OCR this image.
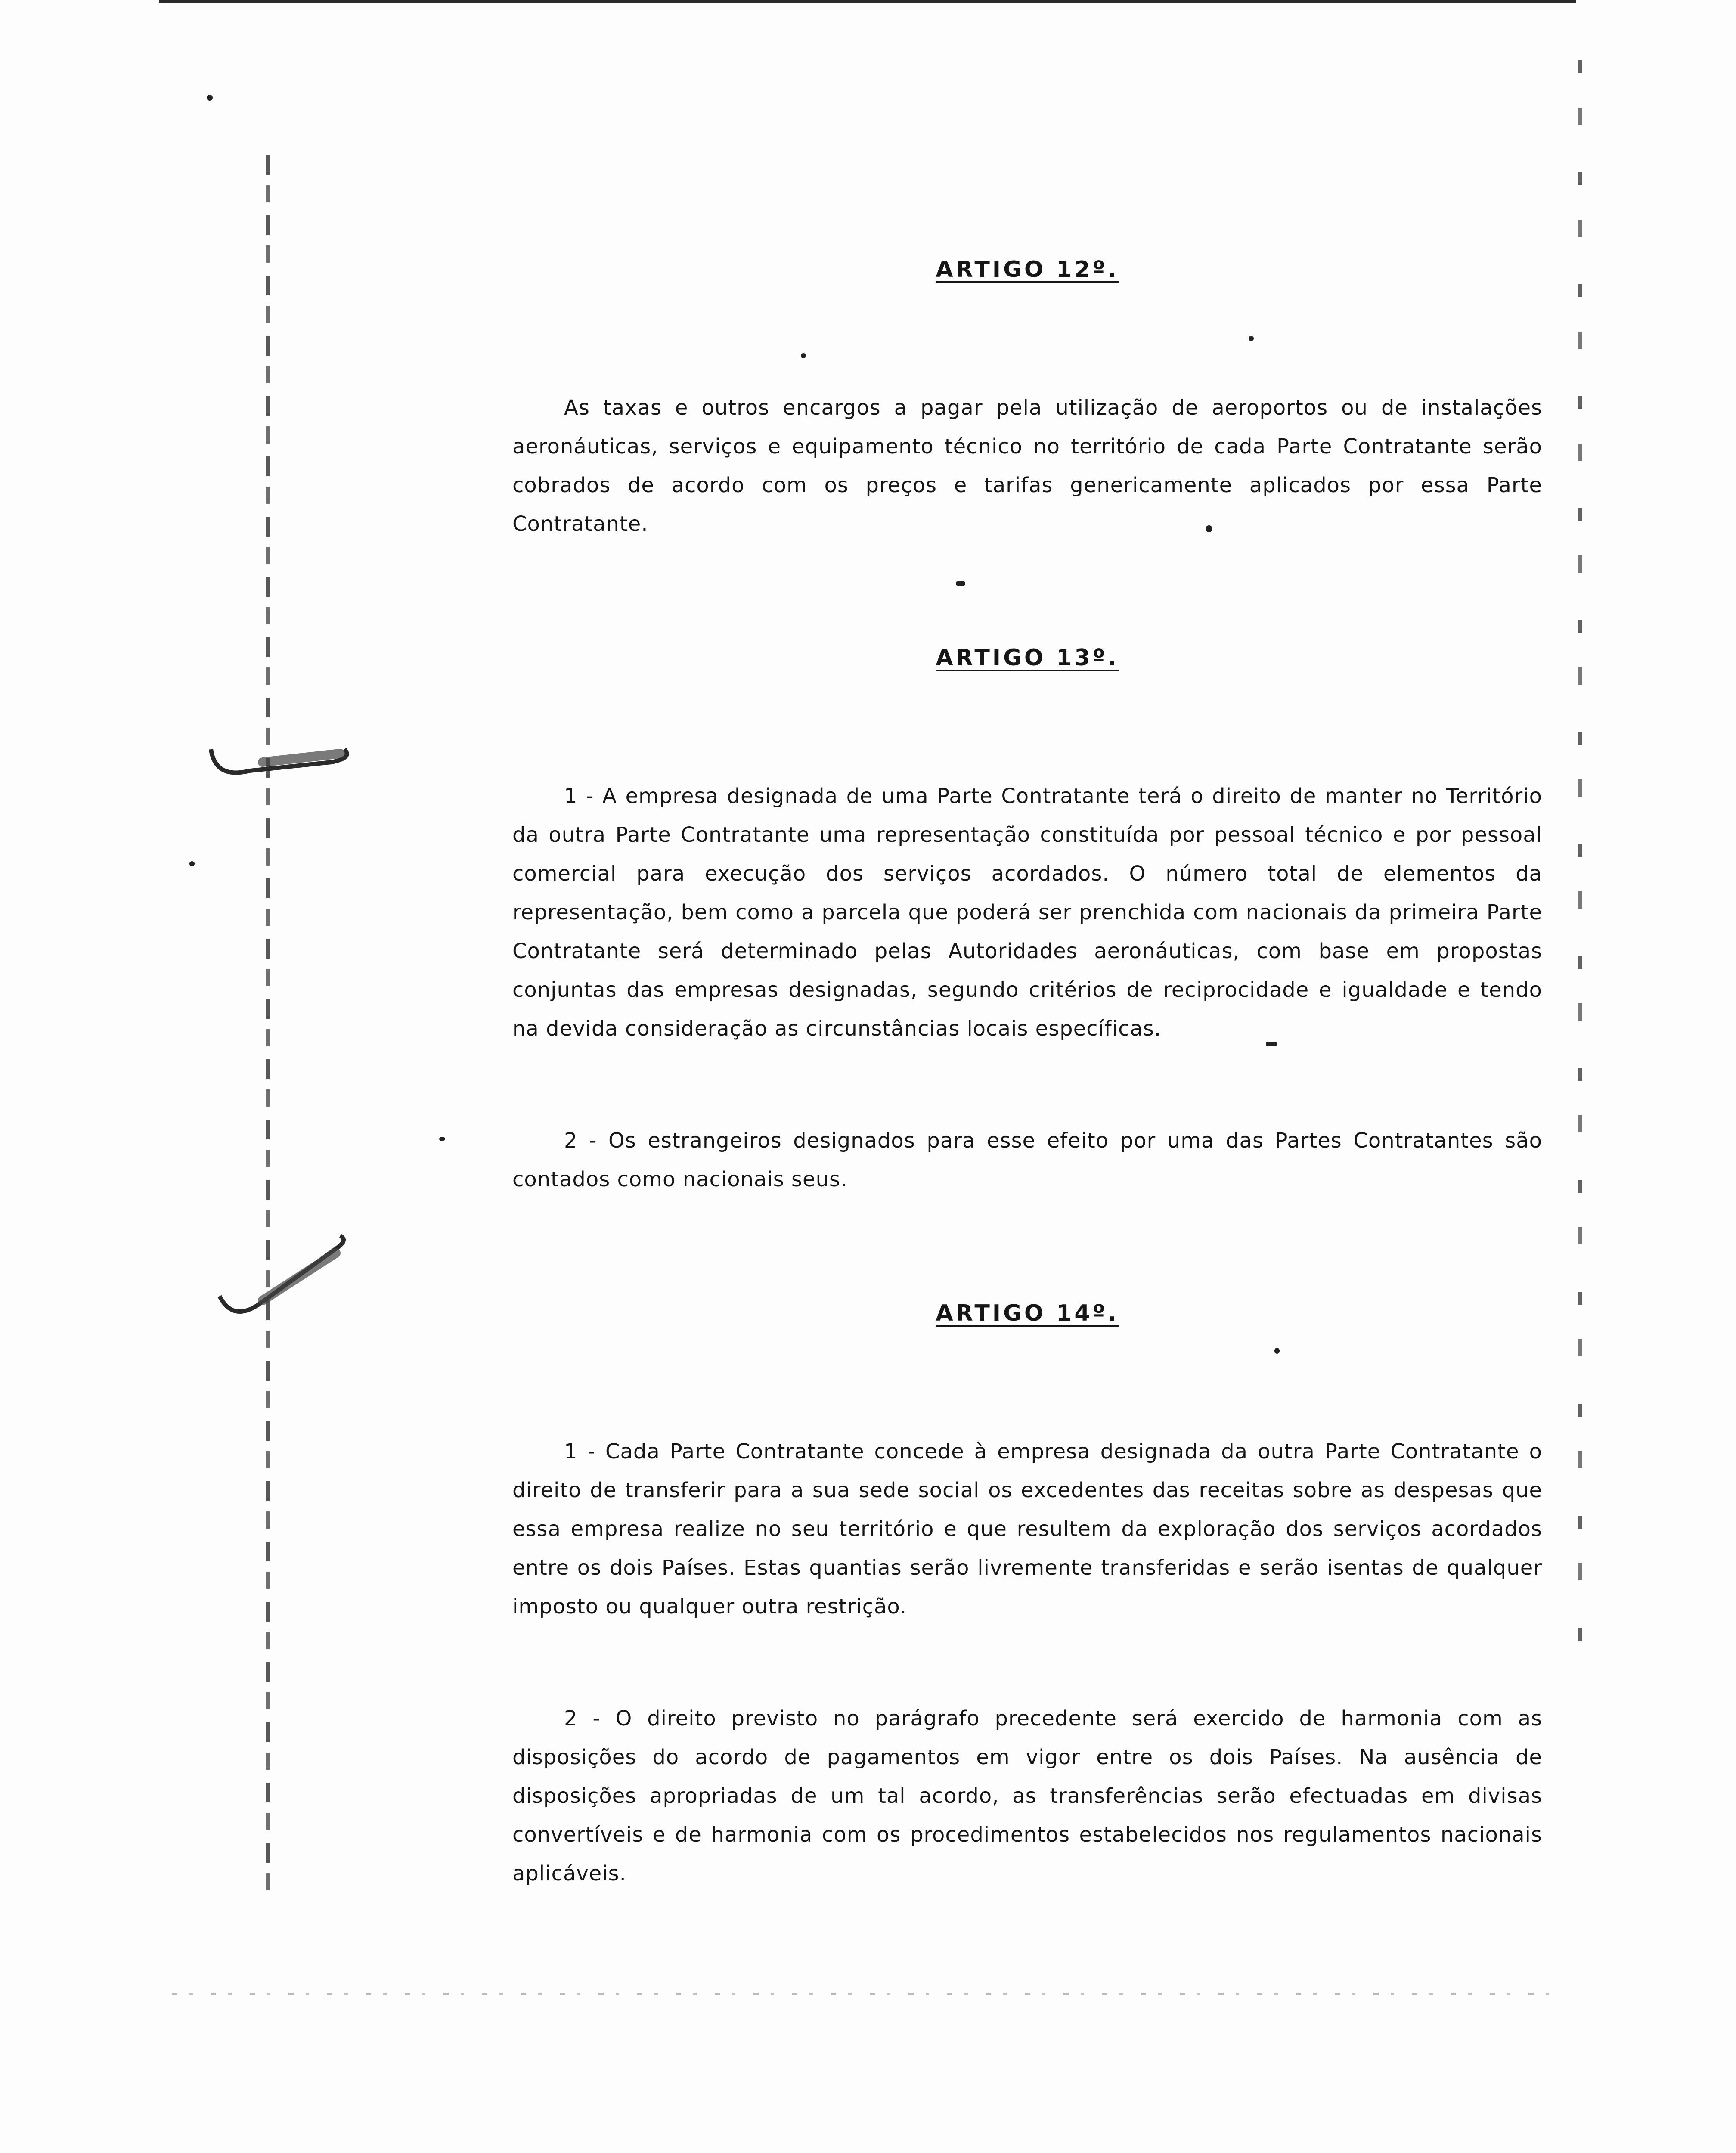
ARTIGO 12º.

As taxas e outros encargos a pagar pela utilização de aeroportos ou de instalações aeronáuticas, serviços e equipamento técnico no território de cada Parte Contratante serão cobrados de acordo com os preços e tarifas genericamente aplicados por essa Parte Contratante.

ARTIGO 13º.

1 - A empresa designada de uma Parte Contratante terá o direito de manter no Território da outra Parte Contratante uma representação constituída por pessoal técnico e por pessoal comercial para execução dos serviços acordados. O número total de elementos da representação, bem como a parcela que poderá ser prenchida com nacionais da primeira Parte Contratante será determinado pelas Autoridades aeronáuticas, com base em propostas conjuntas das empresas designadas, segundo critérios de reciprocidade e igualdade e tendo na devida consideração as circunstâncias locais específicas.

2 - Os estrangeiros designados para esse efeito por uma das Partes Contratantes são contados como nacionais seus.

ARTIGO 14º.

1 - Cada Parte Contratante concede à empresa designada da outra Parte Contratante o direito de transferir para a sua sede social os excedentes das receitas sobre as despesas que essa empresa realize no seu território e que resultem da exploração dos serviços acordados entre os dois Países. Estas quantias serão livremente transferidas e serão isentas de qualquer imposto ou qualquer outra restrição.

2 - O direito previsto no parágrafo precedente será exercido de harmonia com as disposições do acordo de pagamentos em vigor entre os dois Países. Na ausência de disposições apropriadas de um tal acordo, as transferências serão efectuadas em divisas convertíveis e de harmonia com os procedimentos estabelecidos nos regulamentos nacionais aplicáveis.
